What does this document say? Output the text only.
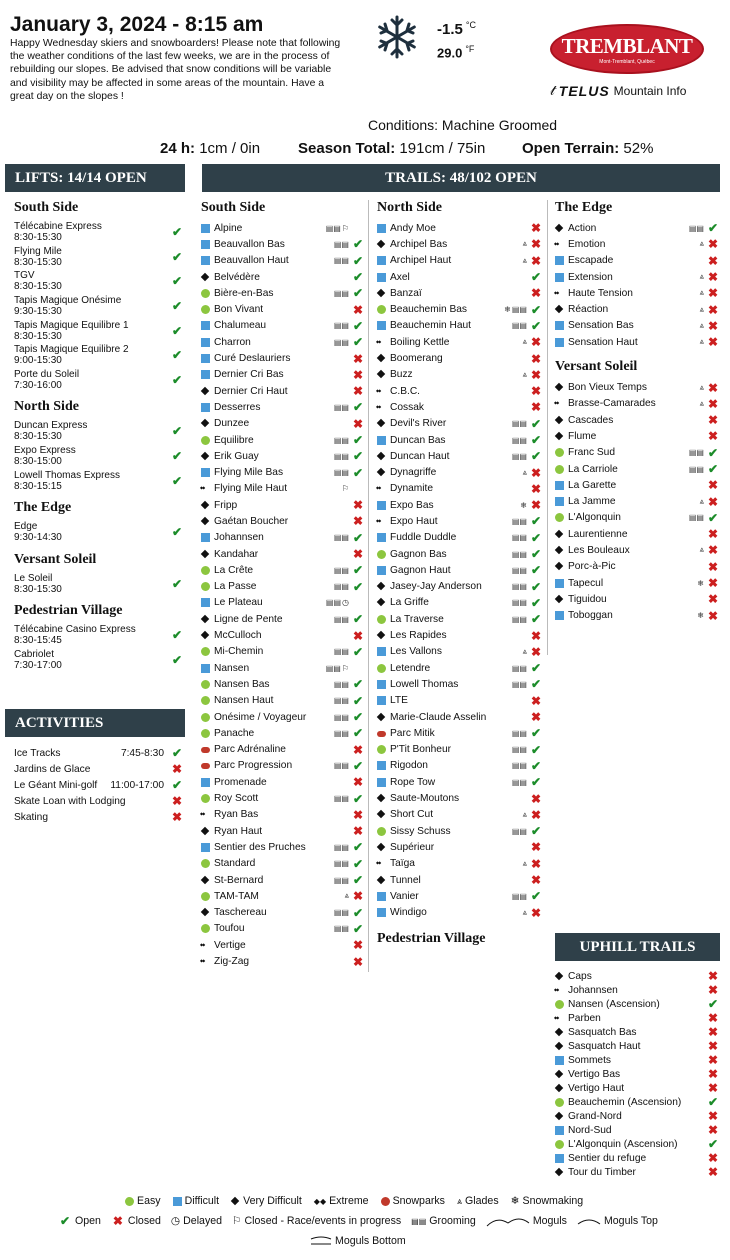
January 3, 2024 - 8:15 am
Happy Wednesday skiers and snowboarders! Please note that following the weather conditions of the last few weeks, we are in the process of rebuilding our slopes. Be advised that snow conditions will be variable and visibility may be affected in some areas of the mountain. Have a great day on the slopes !
-1.5 $^{^\circ C}$
29.0 $^{^\circ F}$	TREMBLANT
Mont-Tremblant, Québec
𝓉 TELUS Mountain Info
Conditions: Machine Groomed
24 h: 1cm / 0in	Season Total: 191cm / 75in Open Terrain: 52%
LIFTS: 14/14 OPEN
South Side
Télécabine Express
8:30-15:30	✔
Flying Mile
8:30-15:30	✔
TGV
8:30-15:30	✔
Tapis Magique Onésime
9:30-15:30	✔
Tapis Magique Equilibre 1
8:30-15:30	✔
Tapis Magique Equilibre 2
9:00-15:30	✔
Porte du Soleil
7:30-16:00	✔
North Side
Duncan Express
8:30-15:30	✔
Expo Express
8:30-15:00	✔
Lowell Thomas Express
8:30-15:15	✔
The Edge
Edge
9:30-14:30	✔
Versant Soleil
Le Soleil
8:30-15:30	✔
Pedestrian Village
Télécabine Casino Express
8:30-15:45	✔
Cabriolet
7:30-17:00	✔
ACTIVITIES
Ice Tracks	7:45-8:30 ✔
Jardins de Glace	✖
Le Géant Mini-golf	11:00-17:00 ✔
Skate Loan with Lodging	✖
Skating	✖
TRAILS: 48/102 OPEN
South Side
Alpine	▤▤ ⚐
Beauvallon Bas	▤▤ ✔
Beauvallon Haut	▤▤ ✔
Belvédère	✔
Bière-en-Bas	▤▤ ✔
Bon Vivant	✖
Chalumeau	▤▤ ✔
Charron	▤▤ ✔
Curé Deslauriers	✖
Dernier Cri Bas	✖
Dernier Cri Haut	✖
Desserres	▤▤ ✔
Dunzee	✖
Équilibre	▤▤ ✔
Erik Guay	▤▤ ✔
Flying Mile Bas	▤▤ ✔
◆◆
Flying Mile Haut	⚐
Fripp	✖
Gaétan Boucher	✖
Johannsen	▤▤ ✔
Kandahar	✖
La Crête	▤▤ ✔
La Passe	▤▤ ✔
Le Plateau	▤▤ ◷
Ligne de Pente	▤▤ ✔
McCulloch	✖
Mi-Chemin	▤▤ ✔
Nansen	▤▤ ⚐
Nansen Bas	▤▤ ✔
Nansen Haut	▤▤ ✔
Onésime / Voyageur	▤▤ ✔
Panache	▤▤ ✔
Parc Adrénaline	✖
Parc Progression	▤▤ ✔
Promenade	✖
Roy Scott	▤▤ ✔
◆◆
Ryan Bas	✖
Ryan Haut	✖
Sentier des Pruches	▤▤ ✔
Standard	▤▤ ✔
St-Bernard	▤▤ ✔
TAM-TAM	⩓ ✖
Taschereau	▤▤ ✔
Toufou	▤▤ ✔
◆◆
Vertige	✖
◆◆
Zig-Zag	✖
North Side
Andy Moe	✖
Archipel Bas	⩓ ✖
Archipel Haut	⩓ ✖
Axel	✔
Banzaï	✖
Beauchemin Bas	❄ ▤▤ ✔
Beauchemin Haut	▤▤ ✔
◆◆
Boiling Kettle	⩓ ✖
Boomerang	✖
Buzz	⩓ ✖
◆◆
C.B.C.	✖
◆◆
Cossak	✖
Devil's River	▤▤ ✔
Duncan Bas	▤▤ ✔
Duncan Haut	▤▤ ✔
Dynagriffe	⩓ ✖
◆◆
Dynamite	✖
Expo Bas	❄ ✖
◆◆
Expo Haut	▤▤ ✔
Fuddle Duddle	▤▤ ✔
Gagnon Bas	▤▤ ✔
Gagnon Haut	▤▤ ✔
Jasey-Jay Anderson	▤▤ ✔
La Griffe	▤▤ ✔
La Traverse	▤▤ ✔
Les Rapides	✖
Les Vallons	⩓ ✖
Letendre	▤▤ ✔
Lowell Thomas	▤▤ ✔
LTE	✖
Marie-Claude Asselin	✖
Parc Mitik	▤▤ ✔
P'Tit Bonheur	▤▤ ✔
Rigodon	▤▤ ✔
Rope Tow	▤▤ ✔
Saute-Moutons	✖
Short Cut	⩓ ✖
Sissy Schuss	▤▤ ✔
Supérieur	✖
◆◆
Taïga	⩓ ✖
Tunnel	✖
Vanier	▤▤ ✔
Windigo	⩓ ✖
Pedestrian Village
The Edge
Action	▤▤ ✔
◆◆
Emotion	⩓ ✖
Escapade	✖
Extension	⩓ ✖
◆◆
Haute Tension	⩓ ✖
Réaction	⩓ ✖
Sensation Bas	⩓ ✖
Sensation Haut	⩓ ✖
Versant Soleil
Bon Vieux Temps	⩓ ✖
◆◆
Brasse-Camarades	⩓ ✖
Cascades	✖
Flume	✖
Franc Sud	▤▤ ✔
La Carriole	▤▤ ✔
La Garette	✖
La Jamme	⩓ ✖
L'Algonquin	▤▤ ✔
Laurentienne	✖
Les Bouleaux	⩓ ✖
Porc-à-Pic	✖
Tapecul	❄ ✖
Tiguidou	✖
Toboggan	❄ ✖
UPHILL TRAILS
Caps	✖
◆◆
Johannsen	✖
Nansen (Ascension)	✔
◆◆
Parben	✖
Sasquatch Bas	✖
Sasquatch Haut	✖
Sommets	✖
Vertigo Bas	✖
Vertigo Haut	✖
Beauchemin (Ascension)	✔
Grand-Nord	✖
Nord-Sud	✖
L'Algonquin (Ascension)	✔
Sentier du refuge	✖
Tour du Timber	✖
Easy Difficult Very Difficult ◆◆ Extreme Snowparks ⩓ Glades ❄ Snowmaking
✔ Open ✖ Closed ◷ Delayed ⚐ Closed - Race/events in progress ▤▤ Grooming	Moguls	Moguls Top
Moguls Bottom
